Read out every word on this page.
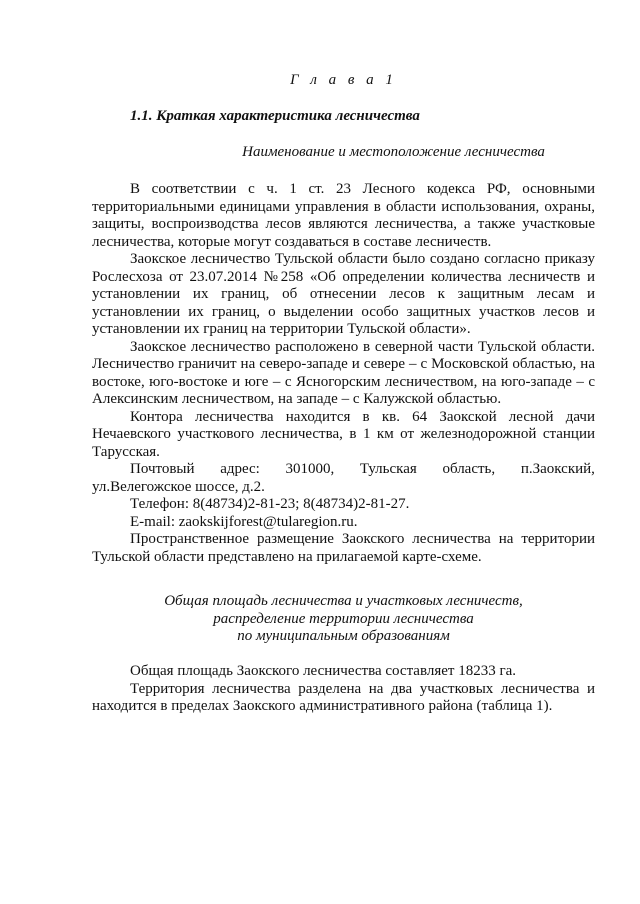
Г л а в а 1
1.1. Краткая характеристика лесничества
Наименование и местоположение лесничества

В соответствии с ч. 1 ст. 23 Лесного кодекса РФ, основными территориальными единицами управления в области использования, охраны, защиты, воспроизводства лесов являются лесничества, а также участковые лесничества, которые могут создаваться в составе лесничеств.

Заокское лесничество Тульской области было создано согласно приказу Рослесхоза от 23.07.2014 №258 «Об определении количества лесничеств и установлении их границ, об отнесении лесов к защитным лесам и установлении их границ, о выделении особо защитных участков лесов и установлении их границ на территории Тульской области».

Заокское лесничество расположено в северной части Тульской области. Лесничество граничит на северо-западе и севере – с Московской областью, на востоке, юго-востоке и юге – с Ясногорским лесничеством, на юго-западе – с Алексинским лесничеством, на западе – с Калужской областью.

Контора лесничества находится в кв. 64 Заокской лесной дачи Нечаевского участкового лесничества, в 1 км от железнодорожной станции Тарусская.

Почтовый адрес: 301000, Тульская область, п.Заокский,

ул.Велегожское шоссе, д.2.

Телефон: 8(48734)2-81-23; 8(48734)2-81-27.

E-mail: zaokskijforest@tularegion.ru.

Пространственное размещение Заокского лесничества на территории Тульской области представлено на прилагаемой карте-схеме.

Общая площадь лесничества и участковых лесничеств,
распределение территории лесничества
по муниципальным образованиям

Общая площадь Заокского лесничества составляет 18233 га.

Территория лесничества разделена на два участковых лесничества и находится в пределах Заокского административного района (таблица 1).
